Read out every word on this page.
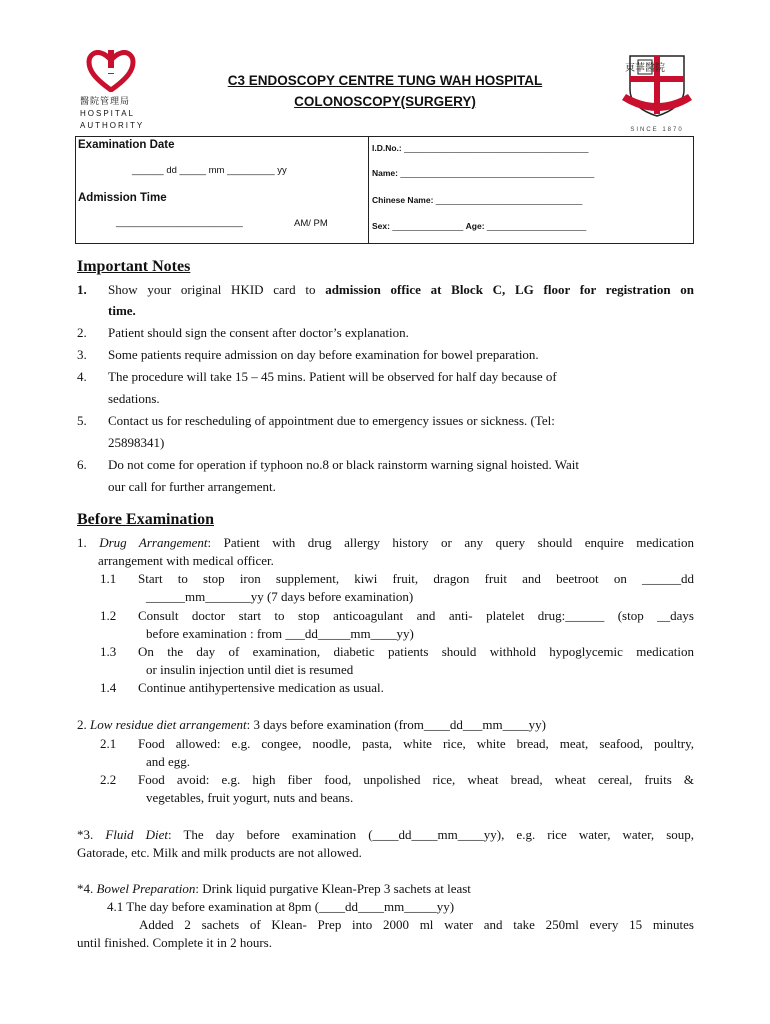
醫院管理局
HOSPITAL
AUTHORITY
C3 ENDOSCOPY CENTRE TUNG WAH HOSPITAL
COLONOSCOPY(SURGERY)
東華醫院
SINCE 1870
Examination Date
______ dd _____ mm _________ yy
Admission Time
________________________	AM/ PM
I.D.No.: _______________________________________
Name: _________________________________________
Chinese Name: _______________________________
Sex: _______________ Age: _____________________
Important Notes
1. Show your original HKID card to admission office at Block C, LG floor for registration on
time.
2. Patient should sign the consent after doctor’s explanation.
3. Some patients require admission on day before examination for bowel preparation.
4. The procedure will take 15 – 45 mins. Patient will be observed for half day because of
sedations.
5. Contact us for rescheduling of appointment due to emergency issues or sickness. (Tel:
25898341)
6. Do not come for operation if typhoon no.8 or black rainstorm warning signal hoisted. Wait
our call for further arrangement.
Before Examination
1. Drug Arrangement: Patient with drug allergy history or any query should enquire medication
arrangement with medical officer.
1.1 Start to stop iron supplement, kiwi fruit, dragon fruit and beetroot on ______dd
______mm_______yy (7 days before examination)
1.2 Consult doctor start to stop anticoagulant and anti- platelet drug:______ (stop __days
before examination : from ___dd_____mm____yy)
1.3 On the day of examination, diabetic patients should withhold hypoglycemic medication
or insulin injection until diet is resumed
1.4 Continue antihypertensive medication as usual.
2. Low residue diet arrangement: 3 days before examination (from____dd___mm____yy)
2.1 Food allowed: e.g. congee, noodle, pasta, white rice, white bread, meat, seafood, poultry,
and egg.
2.2 Food avoid: e.g. high fiber food, unpolished rice, wheat bread, wheat cereal, fruits &
vegetables, fruit yogurt, nuts and beans.
*3. Fluid Diet: The day before examination (____dd____mm____yy), e.g. rice water, water, soup,
Gatorade, etc. Milk and milk products are not allowed.
*4. Bowel Preparation: Drink liquid purgative Klean-Prep 3 sachets at least
4.1 The day before examination at 8pm (____dd____mm_____yy)
Added 2 sachets of Klean- Prep into 2000 ml water and take 250ml every 15 minutes
until finished. Complete it in 2 hours.
